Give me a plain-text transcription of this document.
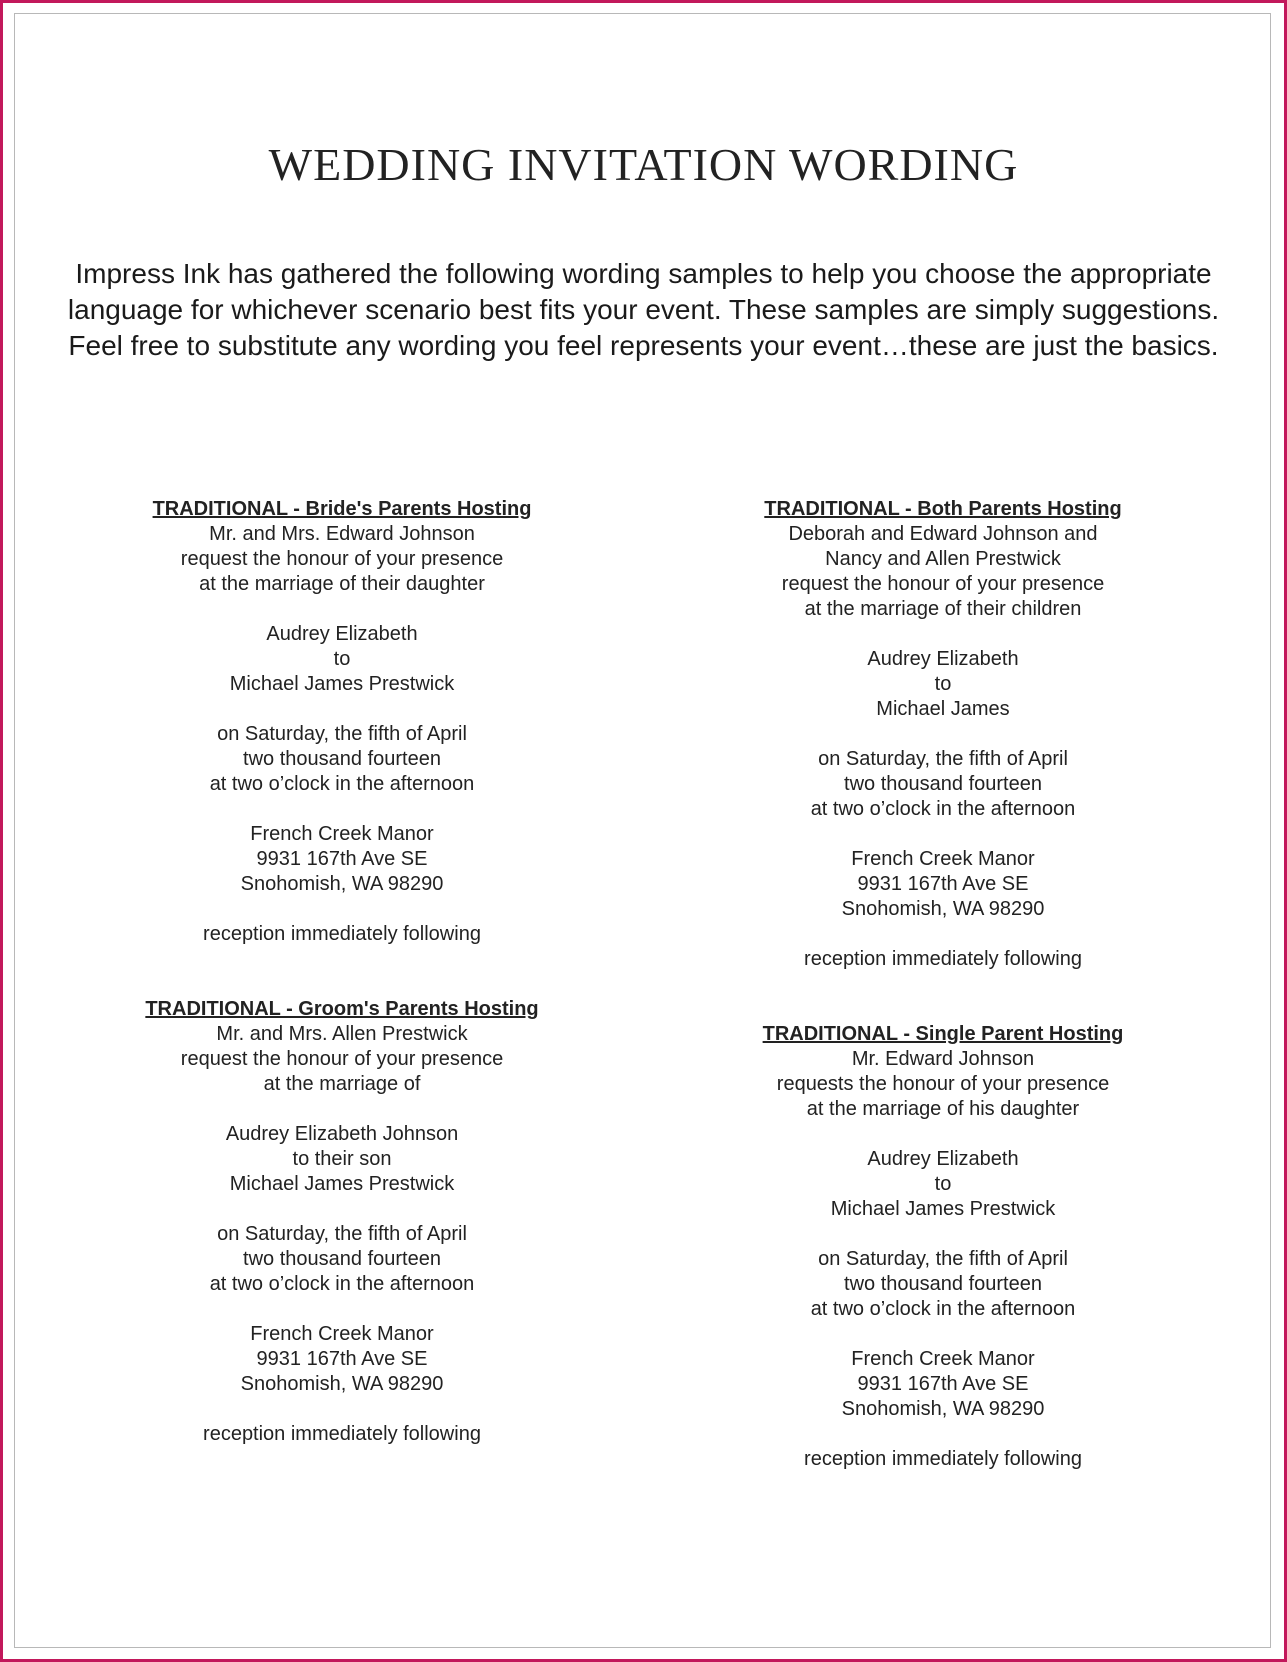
WEDDING INVITATION WORDING

Impress Ink has gathered the following wording samples to help you choose the appropriate language for whichever scenario best fits your event. These samples are simply suggestions. Feel free to substitute any wording you feel represents your event…these are just the basics.

TRADITIONAL - Bride's Parents Hosting
Mr. and Mrs. Edward Johnson
request the honour of your presence
at the marriage of their daughter
Audrey Elizabeth
to
Michael James Prestwick
on Saturday, the fifth of April
two thousand fourteen
at two o’clock in the afternoon
French Creek Manor
9931 167th Ave SE
Snohomish, WA 98290
reception immediately following
TRADITIONAL - Groom's Parents Hosting
Mr. and Mrs. Allen Prestwick
request the honour of your presence
at the marriage of
Audrey Elizabeth Johnson
to their son
Michael James Prestwick
on Saturday, the fifth of April
two thousand fourteen
at two o’clock in the afternoon
French Creek Manor
9931 167th Ave SE
Snohomish, WA 98290
reception immediately following
TRADITIONAL - Both Parents Hosting
Deborah and Edward Johnson and
Nancy and Allen Prestwick
request the honour of your presence
at the marriage of their children
Audrey Elizabeth
to
Michael James
on Saturday, the fifth of April
two thousand fourteen
at two o’clock in the afternoon
French Creek Manor
9931 167th Ave SE
Snohomish, WA 98290
reception immediately following
TRADITIONAL - Single Parent Hosting
Mr. Edward Johnson
requests the honour of your presence
at the marriage of his daughter
Audrey Elizabeth
to
Michael James Prestwick
on Saturday, the fifth of April
two thousand fourteen
at two o’clock in the afternoon
French Creek Manor
9931 167th Ave SE
Snohomish, WA 98290
reception immediately following
